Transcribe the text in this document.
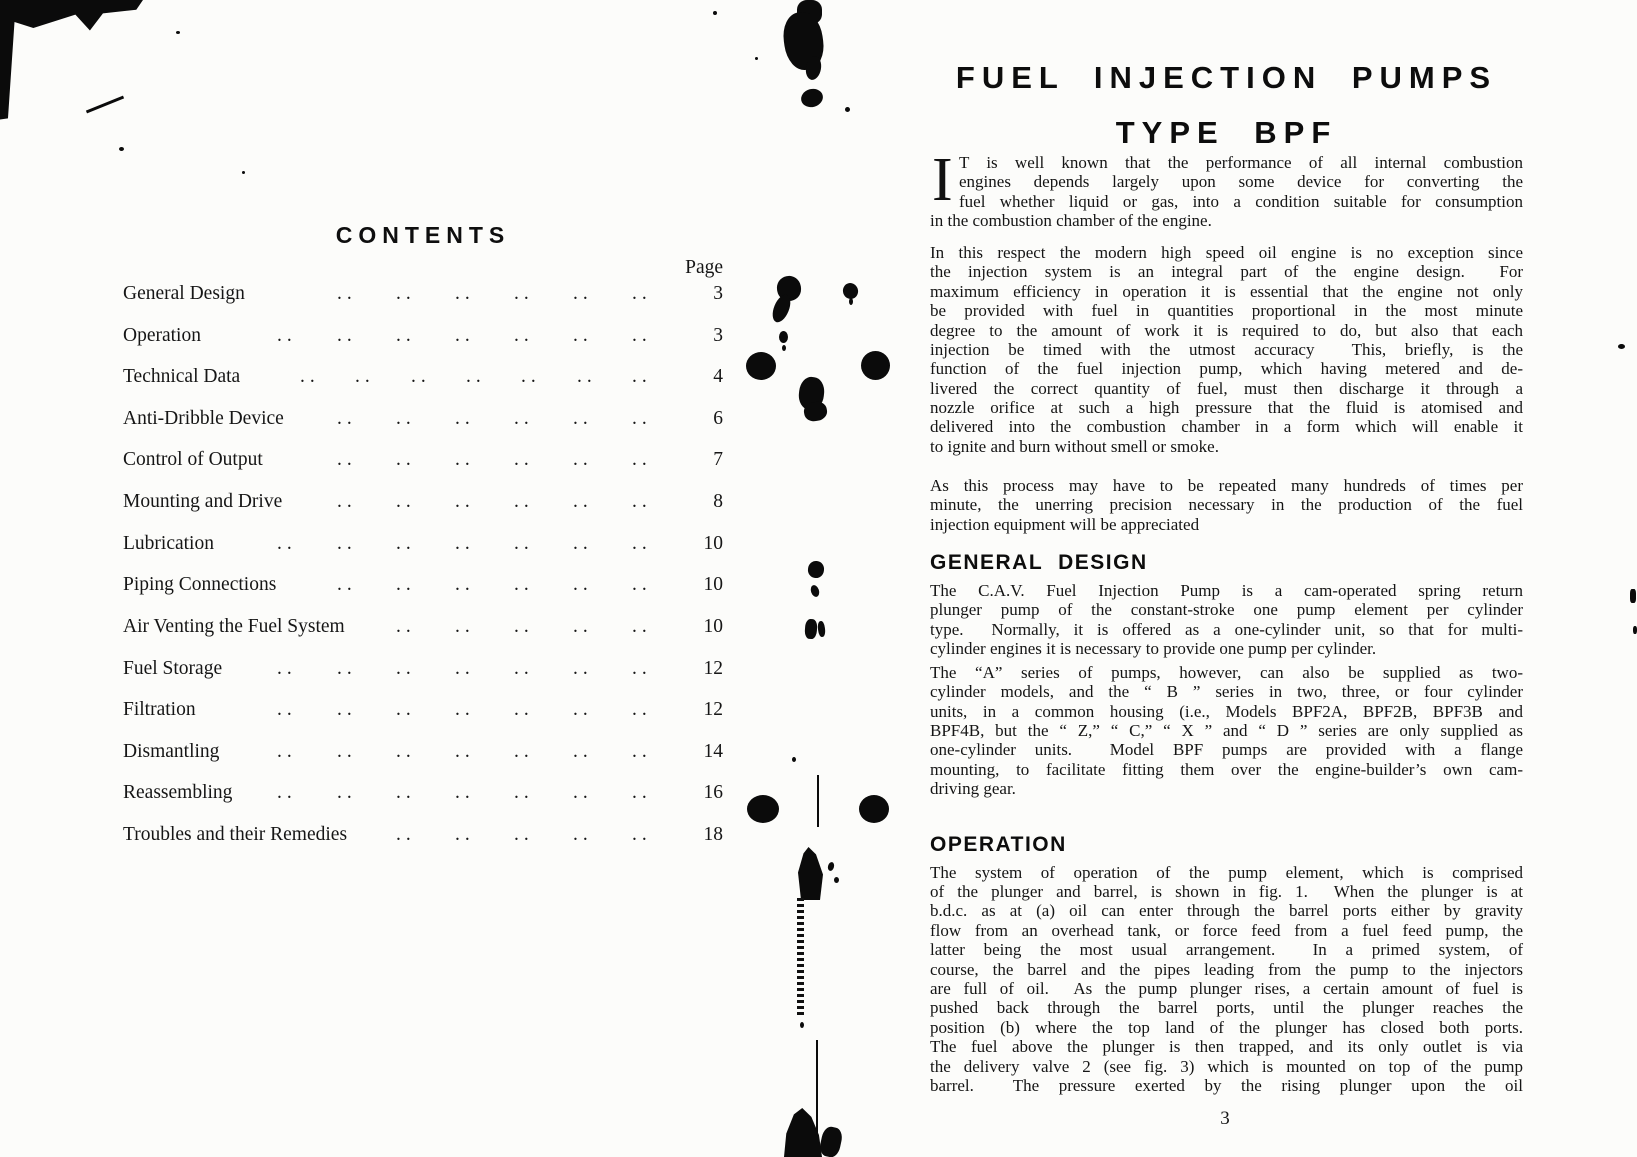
CONTENTS
Page
General Design	.. .. .. .. .. ..	3
Operation	.. .. .. .. .. .. ..	3
Technical Data	.. .. .. .. .. .. ..	4
Anti-Dribble Device	.. .. .. .. .. ..	6
Control of Output	.. .. .. .. .. ..	7
Mounting and Drive	.. .. .. .. .. ..	8
Lubrication	.. .. .. .. .. .. ..	10
Piping Connections	.. .. .. .. .. ..	10
Air Venting the Fuel System	.. .. .. .. ..	10
Fuel Storage	.. .. .. .. .. .. ..	12
Filtration	.. .. .. .. .. .. ..	12
Dismantling	.. .. .. .. .. .. ..	14
Reassembling .. .. .. .. .. .. ..	16
Troubles and their Remedies	.. .. .. .. ..	18
I
FUEL INJECTION PUMPS
TYPE BPF
T is well known that the performance of all internal combustion
engines depends largely upon some device for converting the
fuel whether liquid or gas, into a condition suitable for consumption
in the combustion chamber of the engine.
In this respect the modern high speed oil engine is no exception since
the injection system is an integral part of the engine design.  For
maximum efficiency in operation it is essential that the engine not only
be provided with fuel in quantities proportional in the most minute
degree to the amount of work it is required to do, but also that each
injection be timed with the utmost accuracy  This, briefly, is the
function of the fuel injection pump, which having metered and de-
livered the correct quantity of fuel, must then discharge it through a
nozzle orifice at such a high pressure that the fluid is atomised and
delivered into the combustion chamber in a form which will enable it
to ignite and burn without smell or smoke.
As this process may have to be repeated many hundreds of times per
minute, the unerring precision necessary in the production of the fuel
injection equipment will be appreciated
GENERAL DESIGN
The C.A.V. Fuel Injection Pump is a cam-operated spring return
plunger pump of the constant-stroke one pump element per cylinder
type.  Normally, it is offered as a one-cylinder unit, so that for multi-
cylinder engines it is necessary to provide one pump per cylinder.
The “A” series of pumps, however, can also be supplied as two-
cylinder models, and the “ B ” series in two, three, or four cylinder
units, in a common housing (i.e., Models BPF2A, BPF2B, BPF3B and
BPF4B, but the “ Z,” “ C,” “ X ” and “ D ” series are only supplied as
one-cylinder units.  Model BPF pumps are provided with a flange
mounting, to facilitate fitting them over the engine-builder’s own cam-
driving gear.
OPERATION
The system of operation of the pump element, which is comprised
of the plunger and barrel, is shown in fig. 1.  When the plunger is at
b.d.c. as at (a) oil can enter through the barrel ports either by gravity
flow from an overhead tank, or force feed from a fuel feed pump, the
latter being the most usual arrangement.  In a primed system, of
course, the barrel and the pipes leading from the pump to the injectors
are full of oil.  As the pump plunger rises, a certain amount of fuel is
pushed back through the barrel ports, until the plunger reaches the
position (b) where the top land of the plunger has closed both ports.
The fuel above the plunger is then trapped, and its only outlet is via
the delivery valve 2 (see fig. 3) which is mounted on top of the pump
barrel.  The pressure exerted by the rising plunger upon the oil
3
